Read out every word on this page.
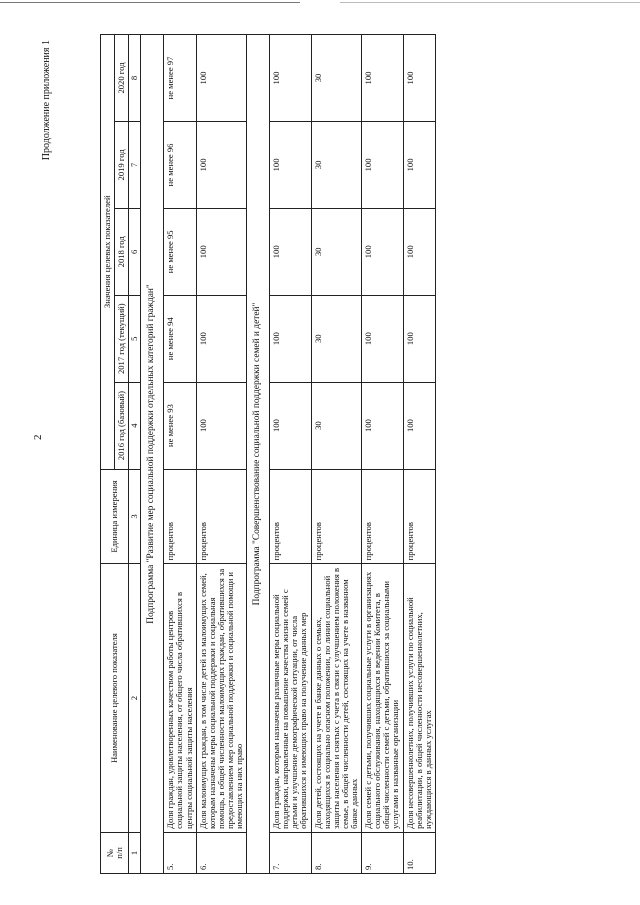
2
Продолжение приложения 1
№
п/п	Наименование целевого показателя	Единица измерения	Значения целевых показателей				
			2016 год (базовый)	2017 год (текущий)	2018 год	2019 год	2020 год
1	2	3	4	5	6	7	8
Подпрограмма "Развитие мер социальной поддержки отдельных категорий граждан"							
5.	Доля граждан, удовлетворенных качеством работы центров социальной защиты населения, от общего числа обратившихся в центры социальной защиты населения	процентов	не менее 93	не менее 94	не менее 95	не менее 96	не менее 97
6.	Доля малоимущих граждан, в том числе детей из малоимущих семей, которым назначены меры социальной поддержки и социальная помощь, в общей численности малоимущих граждан, обратившихся за предоставлением мер социальной поддержки и социальной помощи и имеющих на них право	процентов	100	100	100	100	100
Подпрограмма "Совершенствование социальной поддержки семей и детей"							
7.	Доля граждан, которым назначены различные меры социальной поддержки, направленные на повышение качества жизни семей с детьми и улучшение демографической ситуации, от числа обратившихся и имеющих право на получение данных мер	процентов	100	100	100	100	100
8.	Доля детей, состоящих на учете в банке данных о семьях, находящихся в социально опасном положении, по линии социальной защиты населения и снятых с учета в связи с улучшением положения в семье, в общей численности детей, состоящих на учете в названном банке данных	процентов	30	30	30	30	30
9.	Доля семей с детьми, получивших социальные услуги в организациях социального обслуживания, находящихся в ведении Комитета, в общей численности семей с детьми, обратившихся за социальными услугами в названные организации	процентов	100	100	100	100	100
10.	Доля несовершеннолетних, получивших услуги по социальной реабилитации, в общей численности несовершеннолетних, нуждающихся в данных услугах	процентов	100	100	100	100	100
